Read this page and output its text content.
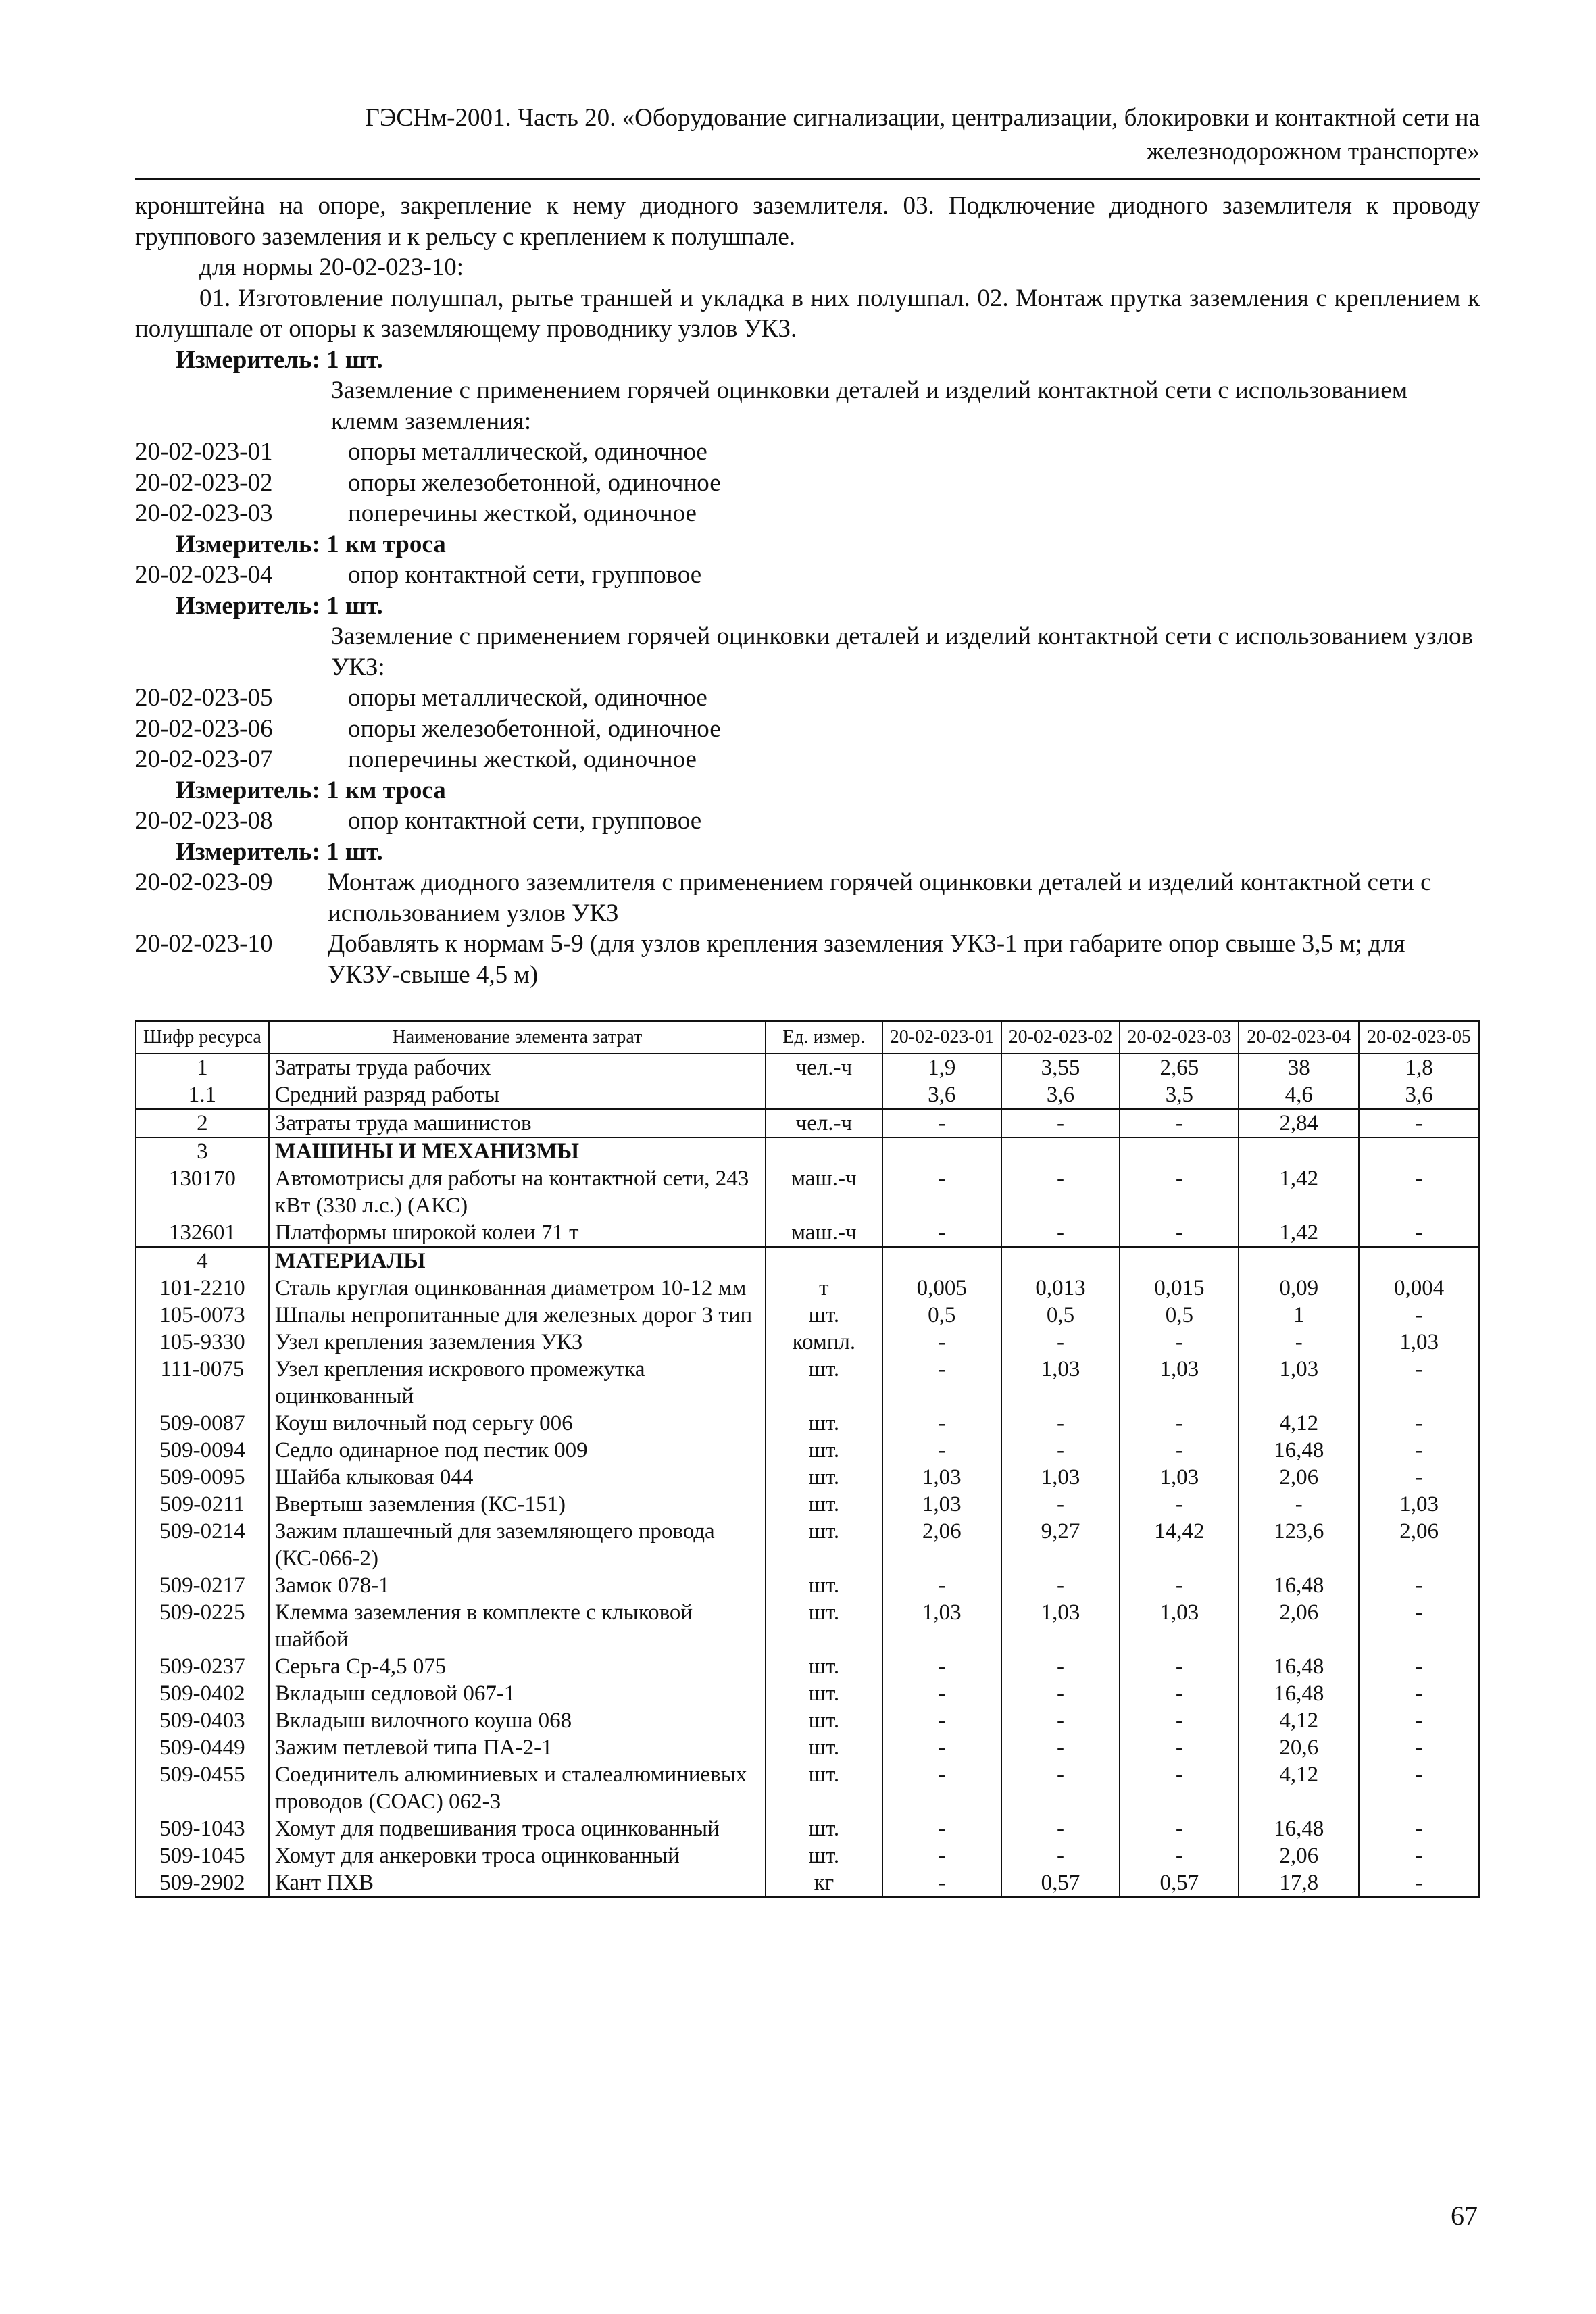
ГЭСНм-2001. Часть 20. «Оборудование сигнализации, централизации, блокировки и контактной сети на
железнодорожном транспорте»

кронштейна на опоре, закрепление к нему диодного заземлителя. 03. Подключение диодного заземлителя к проводу группового заземления и к рельсу с креплением к полушпале.

для нормы 20-02-023-10:

01. Изготовление полушпал, рытье траншей и укладка в них полушпал. 02. Монтаж прутка заземления с креплением к полушпале от опоры к заземляющему проводнику узлов УКЗ.

Измеритель: 1 шт.
Заземление с применением горячей оцинковки деталей и изделий контактной сети с использованием клемм заземления:
20-02-023-01	опоры металлической, одиночное
20-02-023-02	опоры железобетонной, одиночное
20-02-023-03	поперечины жесткой, одиночное
Измеритель: 1 км троса
20-02-023-04	опор контактной сети, групповое
Измеритель: 1 шт.
Заземление с применением горячей оцинковки деталей и изделий контактной сети с использованием узлов УКЗ:
20-02-023-05	опоры металлической, одиночное
20-02-023-06	опоры железобетонной, одиночное
20-02-023-07	поперечины жесткой, одиночное
Измеритель: 1 км троса
20-02-023-08	опор контактной сети, групповое
Измеритель: 1 шт.
20-02-023-09	Монтаж диодного заземлителя с применением горячей оцинковки деталей и изделий контактной сети с использованием узлов УКЗ
20-02-023-10	Добавлять к нормам 5-9 (для узлов крепления заземления УКЗ-1 при габарите опор свыше 3,5 м; для УКЗУ-свыше 4,5 м)
Шифр ресурса	Наименование элемента затрат	Ед. измер.	20-02-023-01	20-02-023-02	20-02-023-03	20-02-023-04	20-02-023-05
1	Затраты труда рабочих	чел.-ч	1,9	3,55	2,65	38	1,8
1.1	Средний разряд работы		3,6	3,6	3,5	4,6	3,6
2	Затраты труда машинистов	чел.-ч	-	-	-	2,84	-
3	МАШИНЫ И МЕХАНИЗМЫ						
130170	Автомотрисы для работы на контактной сети, 243 кВт (330 л.с.) (АКС)	маш.-ч	-	-	-	1,42	-
132601	Платформы широкой колеи 71 т	маш.-ч	-	-	-	1,42	-
4	МАТЕРИАЛЫ						
101-2210	Сталь круглая оцинкованная диаметром 10-12 мм	т	0,005	0,013	0,015	0,09	0,004
105-0073	Шпалы непропитанные для железных дорог 3 тип	шт.	0,5	0,5	0,5	1	-
105-9330	Узел крепления заземления УКЗ	компл.	-	-	-	-	1,03
111-0075	Узел крепления искрового промежутка оцинкованный	шт.	-	1,03	1,03	1,03	-
509-0087	Коуш вилочный под серьгу 006	шт.	-	-	-	4,12	-
509-0094	Седло одинарное под пестик 009	шт.	-	-	-	16,48	-
509-0095	Шайба клыковая 044	шт.	1,03	1,03	1,03	2,06	-
509-0211	Ввертыш заземления (КС-151)	шт.	1,03	-	-	-	1,03
509-0214	Зажим плашечный для заземляющего провода (КС-066-2)	шт.	2,06	9,27	14,42	123,6	2,06
509-0217	Замок 078-1	шт.	-	-	-	16,48	-
509-0225	Клемма заземления в комплекте с клыковой шайбой	шт.	1,03	1,03	1,03	2,06	-
509-0237	Серьга Ср-4,5 075	шт.	-	-	-	16,48	-
509-0402	Вкладыш седловой 067-1	шт.	-	-	-	16,48	-
509-0403	Вкладыш вилочного коуша 068	шт.	-	-	-	4,12	-
509-0449	Зажим петлевой типа ПА-2-1	шт.	-	-	-	20,6	-
509-0455	Соединитель алюминиевых и сталеалюминиевых проводов (СОАС) 062-3	шт.	-	-	-	4,12	-
509-1043	Хомут для подвешивания троса оцинкованный	шт.	-	-	-	16,48	-
509-1045	Хомут для анкеровки троса оцинкованный	шт.	-	-	-	2,06	-
509-2902	Кант ПХВ	кг	-	0,57	0,57	17,8	-
67
